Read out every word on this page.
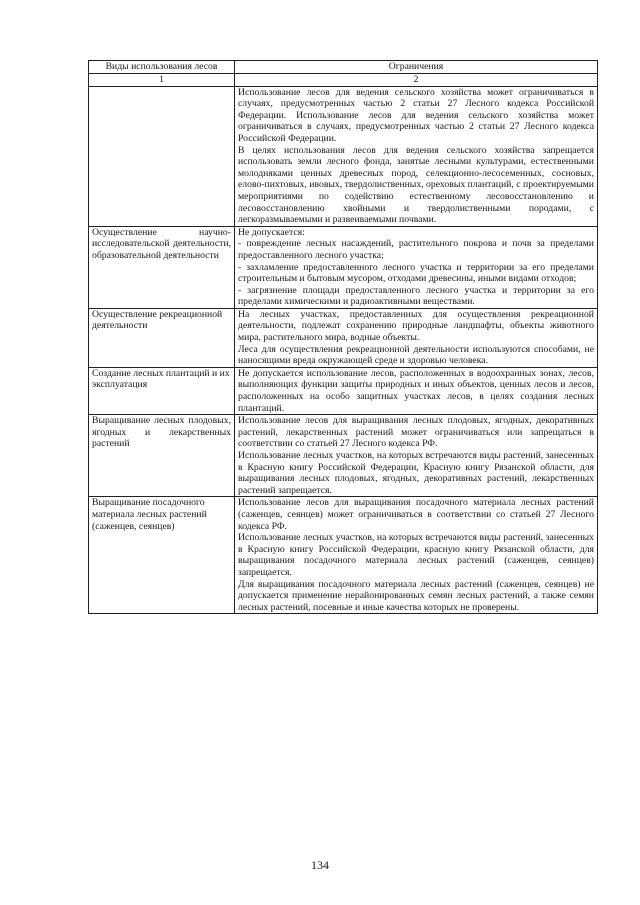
Виды использования лесов	Ограничения
1	2

	Использование лесов для ведения сельского хозяйства может ограничиваться в случаях, предусмотренных частью 2 статьи 27 Лесного кодекса Российской Федерации. Использование лесов для ведения сельского хозяйства может ограничиваться в случаях, предусмотренных частью 2 статьи 27 Лесного кодекса Российской Федерации.

В целях использования лесов для ведения сельского хозяйства запрещается использовать земли лесного фонда, занятые лесными культурами, естественными молодняками ценных древесных пород, селекционно-лесосеменных, сосновых, елово-пихтовых, ивовых, твердолиственных, ореховых плантаций, с проектируемыми мероприятиями по содействию естественному лесовосстановлению и лесовосстановлению хвойными и твердолиственными породами, с легкоразмываемыми и развеиваемыми почвами.

Осуществление научно-исследовательской деятельности, образовательной деятельности	Не допускается:

- повреждение лесных насаждений, растительного покрова и почв за пределами предоставленного лесного участка;

- захламление предоставленного лесного участка и территории за его пределами строительным и бытовым мусором, отходами древесины, иными видами отходов;

- загрязнение площади предоставленного лесного участка и территории за его пределами химическими и радиоактивными веществами.

Осуществление рекреационной деятельности	На лесных участках, предоставленных для осуществления рекреационной деятельности, подлежат сохранению природные ландшафты, объекты животного мира, растительного мира, водные объекты.

Леса для осуществления рекреационной деятельности используются способами, не наносящими вреда окружающей среде и здоровью человека.

Создание лесных плантаций и их эксплуатация	Не допускается использование лесов, расположенных в водоохранных зонах, лесов, выполняющих функции защиты природных и иных объектов, ценных лесов и лесов, расположенных на особо защитных участках лесов, в целях создания лесных плантаций.

Выращивание лесных плодовых, ягодных и лекарственных растений	Использование лесов для выращивания лесных плодовых, ягодных, декоративных растений, лекарственных растений может ограничиваться или запрещаться в соответствии со статьей 27 Лесного кодекса РФ.

Использование лесных участков, на которых встречаются виды растений, занесенных в Красную книгу Российской Федерации, Красную книгу Рязанской области, для выращивания лесных плодовых, ягодных, декоративных растений, лекарственных растений запрещается.

Выращивание посадочного материала лесных растений (саженцев, сеянцев)	Использование лесов для выращивания посадочного материала лесных растений (саженцев, сеянцев) может ограничиваться в соответствии со статьей 27 Лесного кодекса РФ.

Использование лесных участков, на которых встречаются виды растений, занесенных в Красную книгу Российской Федерации, красную книгу Рязанской области, для выращивания посадочного материала лесных растений (саженцев, сеянцев) запрещается.

Для выращивания посадочного материала лесных растений (саженцев, сеянцев) не допускается применение нерайонированных семян лесных растений, а также семян лесных растений, посевные и иные качества которых не проверены.

134
